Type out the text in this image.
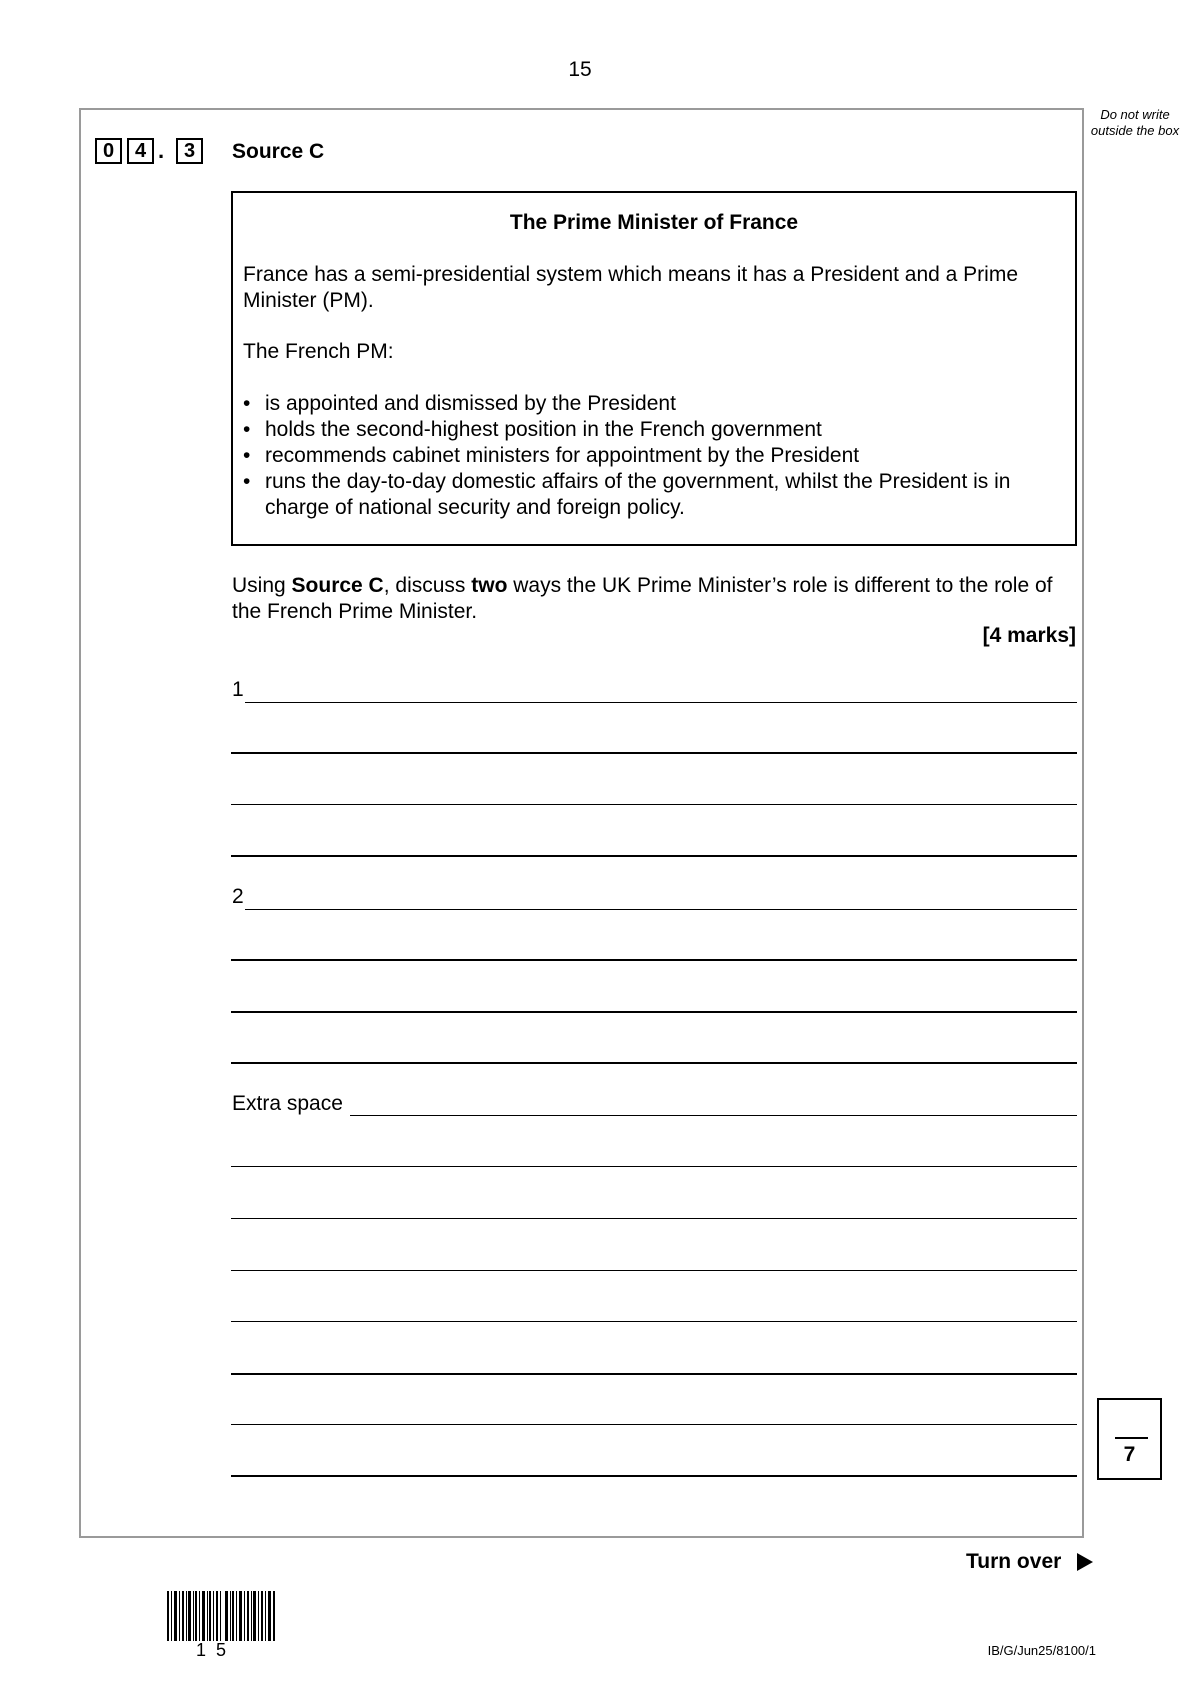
15
Do not write outside the box
0	4 . 3	Source C
The Prime Minister of France
France has a semi-presidential system which means it has a President and a Prime Minister (PM).
The French PM:
• is appointed and dismissed by the President
• holds the second-highest position in the French government
• recommends cabinet ministers for appointment by the President
• runs the day-to-day domestic affairs of the government, whilst the President is in charge of national security and foreign policy.
Using Source C, discuss two ways the UK Prime Minister’s role is different to the role of the French Prime Minister.
[4 marks]
1
2
Extra space
7
Turn over
15	IB/G/Jun25/8100/1
